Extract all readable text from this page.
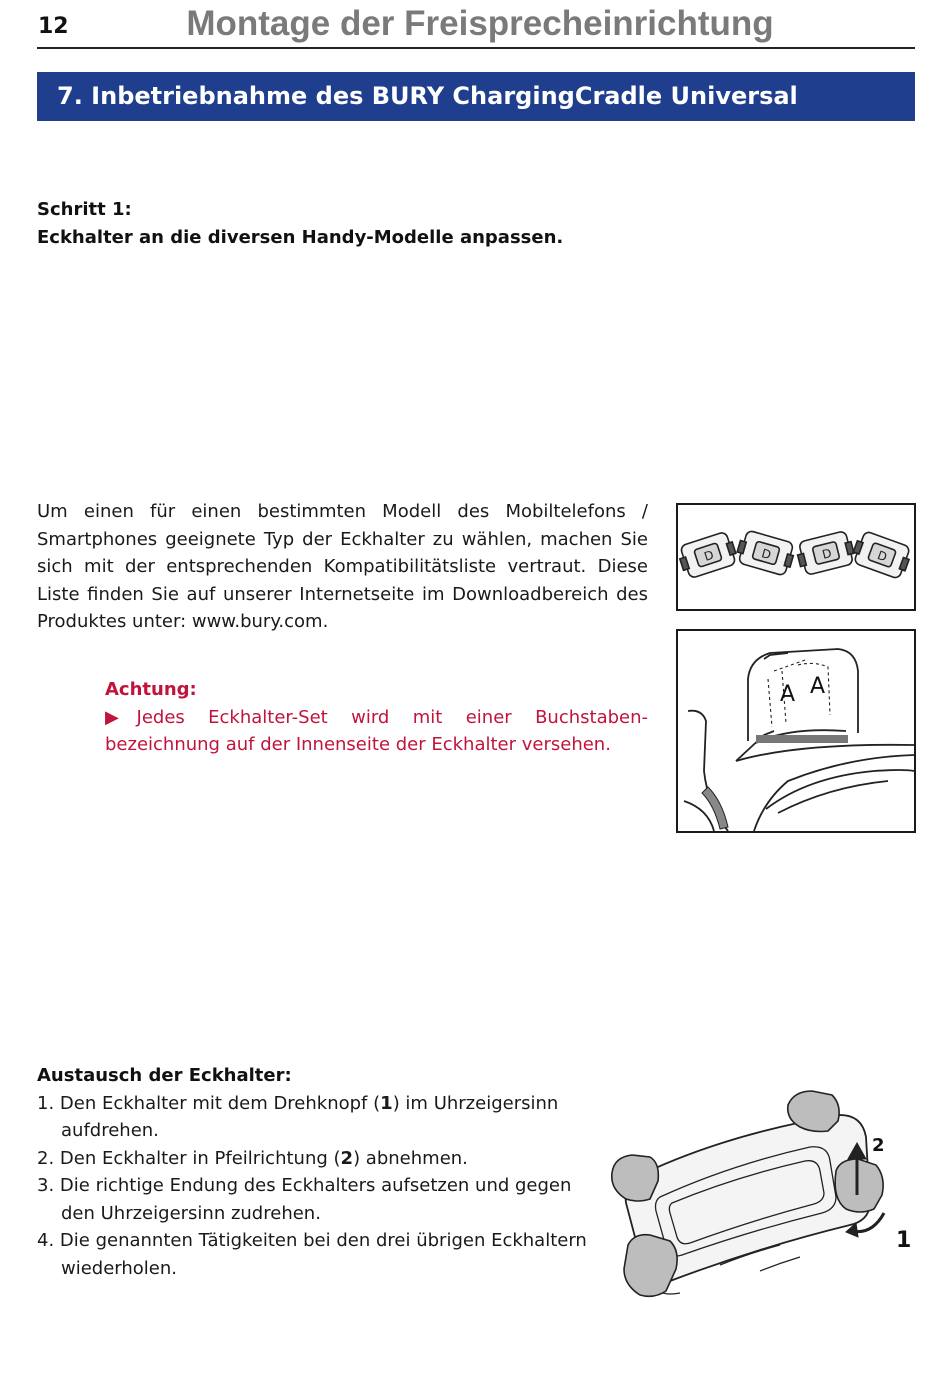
12	Montage der Freisprecheinrichtung
7. Inbetriebnahme des BURY ChargingCradle Universal
Schritt 1:
Eckhalter an die diversen Handy-Modelle anpassen.
Um einen für einen bestimmten Modell des Mobiltelefons / Smartphones geeignete Typ der Eckhalter zu wählen, machen Sie sich mit der entsprechenden Kompatibilitätsliste vertraut. Diese Liste finden Sie auf unserer Internetseite im Downloadbereich des Produktes unter: www.bury.com.
Achtung:
▶Jedes Eckhalter-Set wird mit einer Buchstabenbezeichnung auf der Innenseite der Eckhalter versehen.
D	D	D	D
A A
Austausch der Eckhalter:
1. Den Eckhalter mit dem Drehknopf (1) im Uhrzeigersinn aufdrehen.
2. Den Eckhalter in Pfeilrichtung (2) abnehmen.
3. Die richtige Endung des Eckhalters aufsetzen und gegen den Uhrzeigersinn zudrehen.
4. Die genannten Tätigkeiten bei den drei übrigen Eckhaltern wiederholen.
2
1
